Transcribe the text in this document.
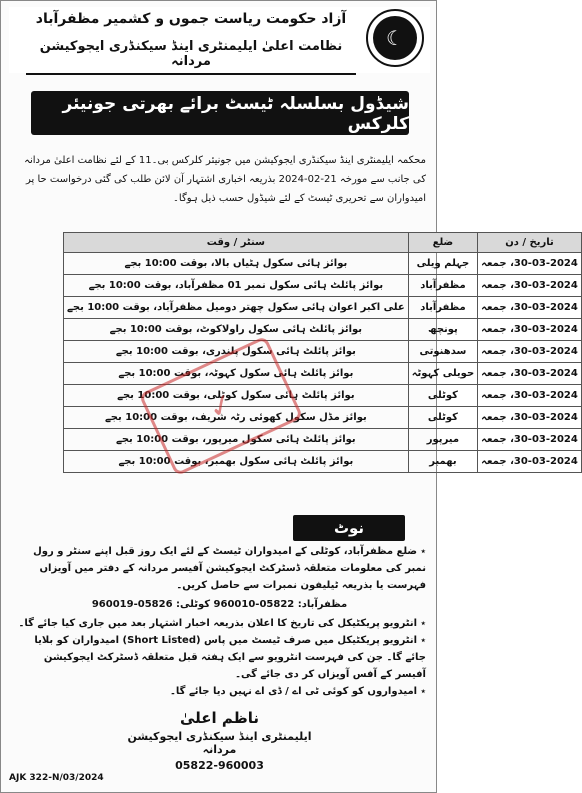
☾
آزاد حکومت ریاست جموں و کشمیر مظفرآباد
نظامت اعلیٰ ایلیمنٹری اینڈ سیکنڈری ایجوکیشن مردانہ
شیڈول بسلسلہ ٹیسٹ برائے بھرتی جونیئر کلرکس
محکمہ ایلیمنٹری اینڈ سیکنڈری ایجوکیشن میں جونیئر کلرکس بی۔11 کے لئے نظامت اعلیٰ مردانہ کی جانب سے مورخہ 21-02-2024 بذریعہ اخباری اشتہار آن لائن طلب کی گئی درخواست حا پر امیدواران سے تحریری ٹیسٹ کے لئے شیڈول حسب ذیل ہوگا۔
تاریخ / دن	ضلع	سنٹر / وقت
30-03-2024، جمعہ	جہلم ویلی	بوائز ہائی سکول ہٹیاں بالا، بوقت 10:00 بجے
30-03-2024، جمعہ	مظفرآباد	بوائز پائلٹ ہائی سکول نمبر 01 مظفرآباد، بوقت 10:00 بجے
30-03-2024، جمعہ	مظفرآباد	علی اکبر اعوان ہائی سکول چھتر دومیل مظفرآباد، بوقت 10:00 بجے
30-03-2024، جمعہ	پونچھ	بوائز پائلٹ ہائی سکول راولاکوٹ، بوقت 10:00 بجے
30-03-2024، جمعہ	سدھنوتی	بوائز پائلٹ ہائی سکول پلندری، بوقت 10:00 بجے
30-03-2024، جمعہ	حویلی کہوٹہ	بوائز پائلٹ ہائی سکول کہوٹہ، بوقت 10:00 بجے
30-03-2024، جمعہ	کوٹلی	بوائز پائلٹ ہائی سکول کوٹلی، بوقت 10:00 بجے
30-03-2024، جمعہ	کوٹلی	بوائز مڈل سکول کھوئی رٹہ شریف، بوقت 10:00 بجے
30-03-2024، جمعہ	میرپور	بوائز پائلٹ ہائی سکول میرپور، بوقت 10:00 بجے
30-03-2024، جمعہ	بھمبر	بوائز پائلٹ ہائی سکول بھمبر، بوقت 10:00 بجے
✓
نوٹ

٭ ضلع مظفرآباد، کوٹلی کے امیدواران ٹیسٹ کے لئے ایک روز قبل اپنے سنٹر و رول نمبر کی معلومات متعلقہ ڈسٹرکٹ ایجوکیشن آفیسر مردانہ کے دفتر میں آویزاں فہرست یا بذریعہ ٹیلیفون نمبرات سے حاصل کریں۔

مظفرآباد: 05822-960010 کوٹلی: 05826-960019

٭ انٹرویو پریکٹیکل کی تاریخ کا اعلان بذریعہ اخبار اشتہار بعد میں جاری کیا جائے گا۔

٭ انٹرویو پریکٹیکل میں صرف ٹیسٹ میں پاس (Short Listed) امیدواران کو بلایا جائے گا۔ جن کی فہرست انٹرویو سے ایک ہفتہ قبل متعلقہ ڈسٹرکٹ ایجوکیشن آفیسر کے آفس آویزاں کر دی جائے گی۔

٭ امیدواروں کو کوئی ٹی اے / ڈی اے نہیں دیا جائے گا۔

ناظم اعلیٰ
ایلیمنٹری اینڈ سیکنڈری ایجوکیشن مردانہ
05822-960003
AJK 322-N/03/2024
